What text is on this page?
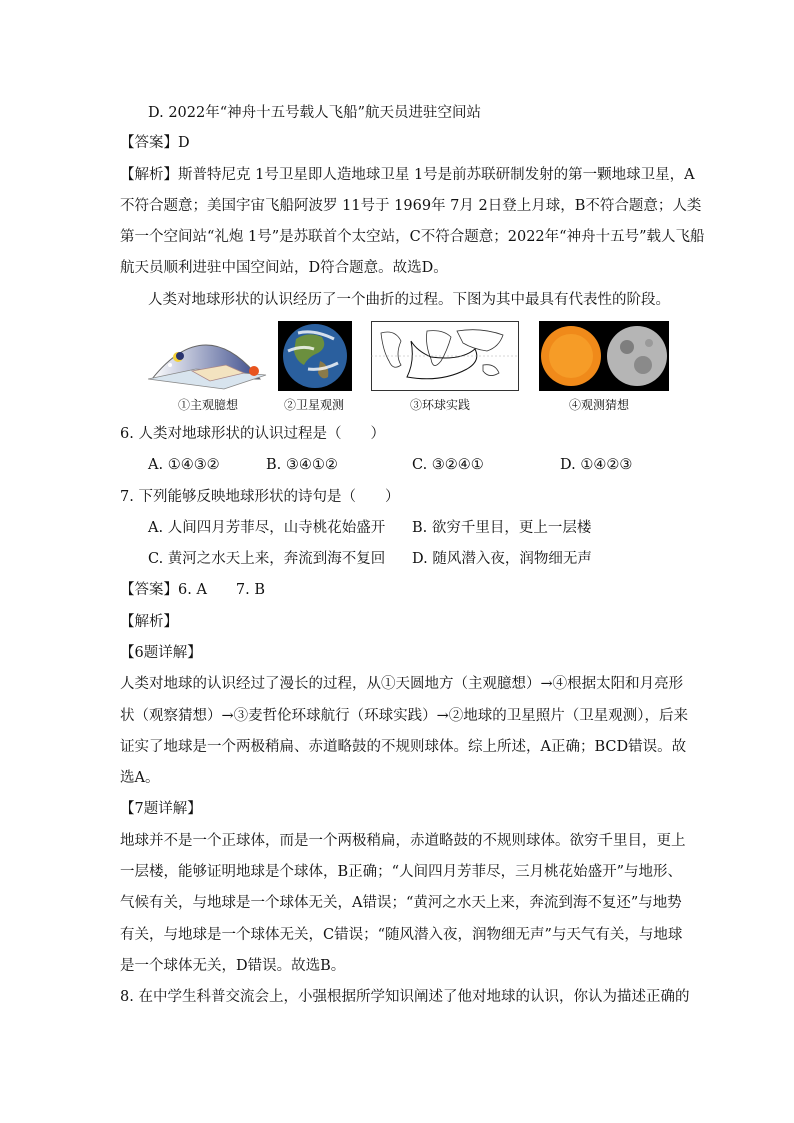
D. 2022年“神舟十五号载人飞船”航天员进驻空间站
【答案】D
【解析】斯普特尼克 1号卫星即人造地球卫星 1号是前苏联研制发射的第一颗地球卫星，A
不符合题意；美国宇宙飞船阿波罗 11号于 1969年 7月 2日登上月球，B不符合题意；人类
第一个空间站“礼炮 1号”是苏联首个太空站，C不符合题意；2022年“神舟十五号”载人飞船
航天员顺利进驻中国空间站，D符合题意。故选D。
人类对地球形状的认识经历了一个曲折的过程。下图为其中最具有代表性的阶段。
①主观臆想	②卫星观测	③环球实践	④观测猜想
6. 人类对地球形状的认识过程是（　　）
A. ①④③②	B. ③④①②	C. ③②④①	D. ①④②③
7. 下列能够反映地球形状的诗句是（　　）
A. 人间四月芳菲尽，山寺桃花始盛开 B. 欲穷千里目，更上一层楼
C. 黄河之水天上来，奔流到海不复回 D. 随风潜入夜，润物细无声
【答案】6. A　　7. B
【解析】
【6题详解】
人类对地球的认识经过了漫长的过程，从①天圆地方（主观臆想）→④根据太阳和月亮形
状（观察猜想）→③麦哲伦环球航行（环球实践）→②地球的卫星照片（卫星观测），后来
证实了地球是一个两极稍扁、赤道略鼓的不规则球体。综上所述，A正确；BCD错误。故
选A。
【7题详解】
地球并不是一个正球体，而是一个两极稍扁，赤道略鼓的不规则球体。欲穷千里目，更上
一层楼，能够证明地球是个球体，B正确；“人间四月芳菲尽，三月桃花始盛开”与地形、
气候有关，与地球是一个球体无关，A错误；“黄河之水天上来，奔流到海不复还”与地势
有关，与地球是一个球体无关，C错误；“随风潜入夜，润物细无声”与天气有关，与地球
是一个球体无关，D错误。故选B。
8. 在中学生科普交流会上，小强根据所学知识阐述了他对地球的认识，你认为描述正确的
